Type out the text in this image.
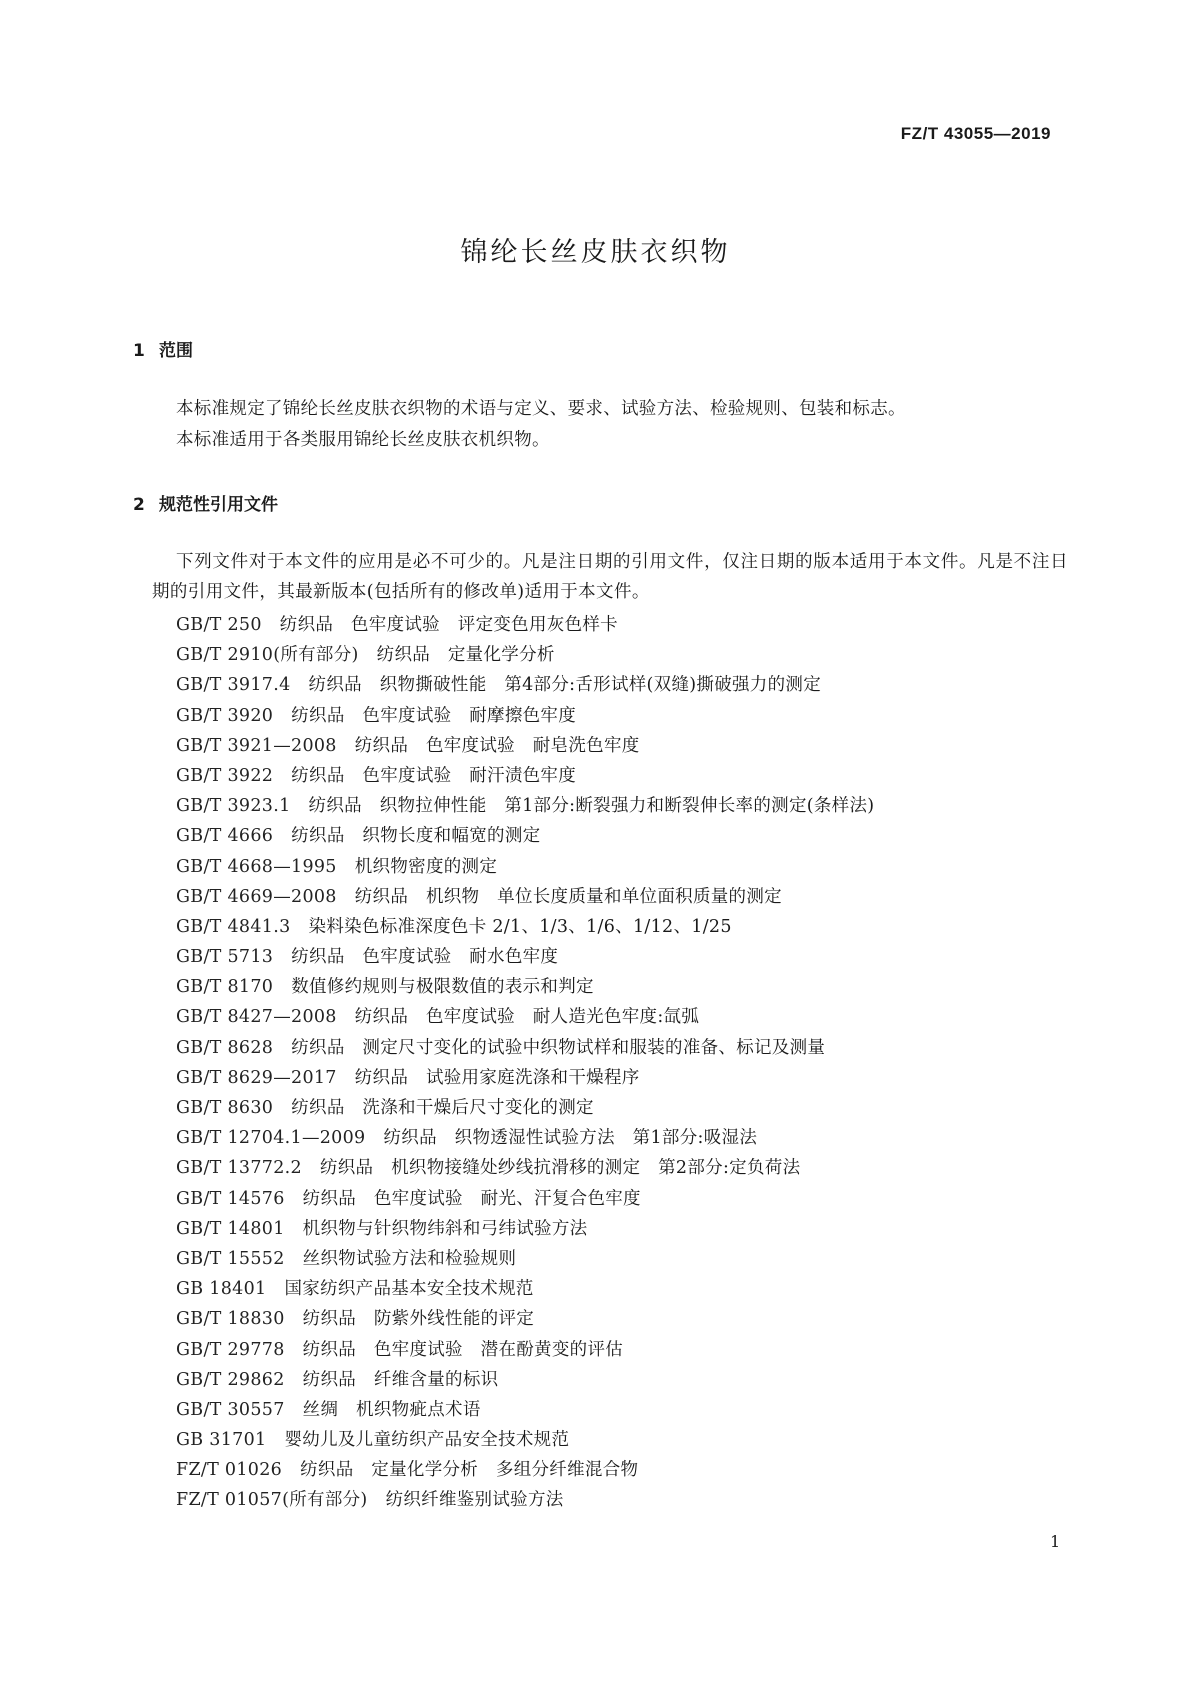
FZ/T 43055—2019
锦纶长丝皮肤衣织物
1 范围
本标准规定了锦纶长丝皮肤衣织物的术语与定义、要求、试验方法、检验规则、包装和标志。
本标准适用于各类服用锦纶长丝皮肤衣机织物。
2 规范性引用文件
下列文件对于本文件的应用是必不可少的。凡是注日期的引用文件，仅注日期的版本适用于本文件。凡是不注日期的引用文件，其最新版本(包括所有的修改单)适用于本文件。
GB/T 250 纺织品　色牢度试验　评定变色用灰色样卡
GB/T 2910(所有部分) 纺织品　定量化学分析
GB/T 3917.4 纺织品　织物撕破性能　第4部分:舌形试样(双缝)撕破强力的测定
GB/T 3920 纺织品　色牢度试验　耐摩擦色牢度
GB/T 3921—2008 纺织品　色牢度试验　耐皂洗色牢度
GB/T 3922 纺织品　色牢度试验　耐汗渍色牢度
GB/T 3923.1 纺织品　织物拉伸性能　第1部分:断裂强力和断裂伸长率的测定(条样法)
GB/T 4666 纺织品　织物长度和幅宽的测定
GB/T 4668—1995 机织物密度的测定
GB/T 4669—2008 纺织品　机织物　单位长度质量和单位面积质量的测定
GB/T 4841.3 染料染色标准深度色卡 2/1、1/3、1/6、1/12、1/25
GB/T 5713 纺织品　色牢度试验　耐水色牢度
GB/T 8170 数值修约规则与极限数值的表示和判定
GB/T 8427—2008 纺织品　色牢度试验　耐人造光色牢度:氙弧
GB/T 8628 纺织品　测定尺寸变化的试验中织物试样和服装的准备、标记及测量
GB/T 8629—2017 纺织品　试验用家庭洗涤和干燥程序
GB/T 8630 纺织品　洗涤和干燥后尺寸变化的测定
GB/T 12704.1—2009 纺织品　织物透湿性试验方法　第1部分:吸湿法
GB/T 13772.2 纺织品　机织物接缝处纱线抗滑移的测定　第2部分:定负荷法
GB/T 14576 纺织品　色牢度试验　耐光、汗复合色牢度
GB/T 14801 机织物与针织物纬斜和弓纬试验方法
GB/T 15552 丝织物试验方法和检验规则
GB 18401 国家纺织产品基本安全技术规范
GB/T 18830 纺织品　防紫外线性能的评定
GB/T 29778 纺织品　色牢度试验　潜在酚黄变的评估
GB/T 29862 纺织品　纤维含量的标识
GB/T 30557 丝绸　机织物疵点术语
GB 31701 婴幼儿及儿童纺织产品安全技术规范
FZ/T 01026 纺织品　定量化学分析　多组分纤维混合物
FZ/T 01057(所有部分) 纺织纤维鉴别试验方法
1
